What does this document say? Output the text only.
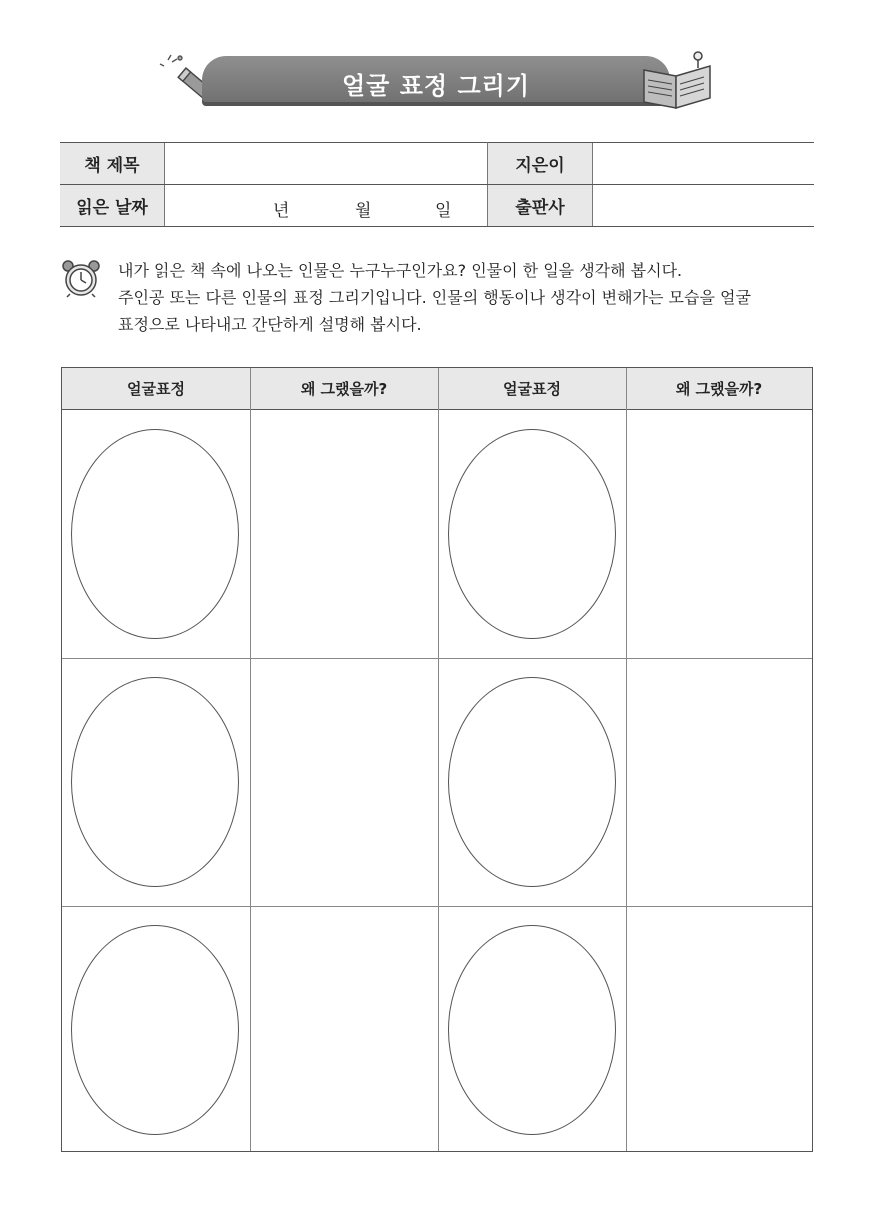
얼굴 표정 그리기
책 제목		지은이	
읽은 날짜	년 월 일	출판사	
내가 읽은 책 속에 나오는 인물은 누구누구인가요? 인물이 한 일을 생각해 봅시다.
주인공 또는 다른 인물의 표정 그리기입니다. 인물의 행동이나 생각이 변해가는 모습을 얼굴
표정으로 나타내고 간단하게 설명해 봅시다.
얼굴표정	왜 그랬을까?	얼굴표정	왜 그랬을까?
